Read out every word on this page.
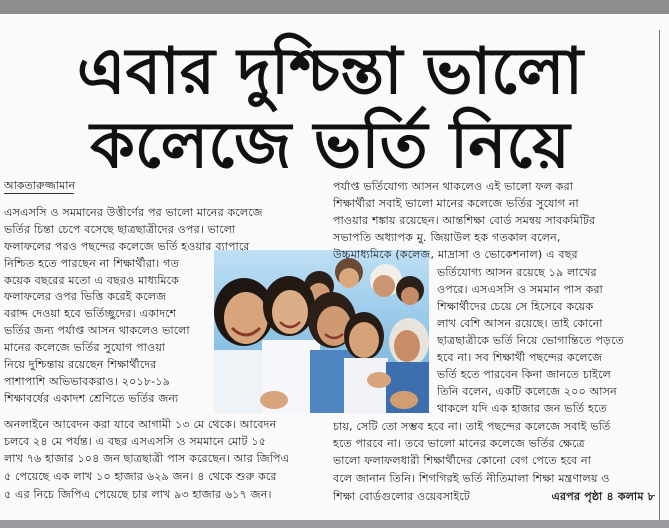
এবার দুশ্চিন্তা ভালো
কলেজে ভর্তি নিয়ে
আকতারুজ্জামান
এসএসসি ও সমমানের উত্তীর্ণের পর ভালো মানের কলেজে
ভর্তির চিন্তা চেপে বসেছে ছাত্রছাত্রীদের ওপর। ভালো
ফলাফলের পরও পছন্দের কলেজে ভর্তি হওয়ার ব্যাপারে
নিশ্চিত হতে পারছেন না শিক্ষার্থীরা। গত
কয়েক বছরের মতো এ বছরও মাধ্যমিকে
ফলাফলের ওপর ভিত্তি করেই কলেজ
বরাদ্দ দেওয়া হবে ভর্তিচ্ছুদের। একাদশে
ভর্তির জন্য পর্যাপ্ত আসন থাকলেও ভালো
মানের কলেজে ভর্তির সুযোগ পাওয়া
নিয়ে দুশ্চিন্তায় রয়েছেন শিক্ষার্থীদের
পাশাপাশি অভিভাবকরাও। ২০১৮-১৯
শিক্ষাবর্ষের একাদশ শ্রেণিতে ভর্তির জন্য
অনলাইনে আবেদন করা যাবে আগামী ১৩ মে থেকে। আবেদন
চলবে ২৪ মে পর্যন্ত। এ বছর এসএসসি ও সমমানে মোট ১৫
লাখ ৭৬ হাজার ১০৪ জন ছাত্রছাত্রী পাস করেছেন। আর জিপিএ
৫ পেয়েছে এক লাখ ১০ হাজার ৬২৯ জন। ৪ থেকে শুরু করে
৫ এর নিচে জিপিএ পেয়েছে চার লাখ ৯৩ হাজার ৬১৭ জন।
পর্যাপ্ত ভর্তিযোগ্য আসন থাকলেও এই ভালো ফল করা
শিক্ষার্থীরা সবাই ভালো মানের কলেজে ভর্তির সুযোগ না
পাওয়ার শঙ্কায় রয়েছেন। আন্তশিক্ষা বোর্ড সমন্বয় সাবকমিটির
সভাপতি অধ্যাপক মু. জিয়াউল হক গতকাল বলেন,
উচ্চমাধ্যমিকে (কলেজ, মাদ্রাসা ও ভোকেশনাল) এ বছর
ভর্তিযোগ্য আসন রয়েছে ১৯ লাখের
ওপরে। এসএসসি ও সমমান পাস করা
শিক্ষার্থীদের চেয়ে সে হিসেবে কয়েক
লাখ বেশি আসন রয়েছে। তাই কোনো
ছাত্রছাত্রীকে ভর্তি নিয়ে ভোগান্তিতে পড়তে
হবে না। সব শিক্ষার্থী পছন্দের কলেজে
ভর্তি হতে পারবেন কিনা জানতে চাইলে
তিনি বলেন, একটি কলেজে ২০০ আসন
থাকলে যদি এক হাজার জন ভর্তি হতে
চায়, সেটি তো সম্ভব হবে না। তাই পছন্দের কলেজে সবাই ভর্তি
হতে পারবে না। তবে ভালো মানের কলেজে ভর্তির ক্ষেত্রে
ভালো ফলাফলধারী শিক্ষার্থীদের কোনো বেগ পেতে হবে না
বলে জানান তিনি। শিগগিরই ভর্তি নীতিমালা শিক্ষা মন্ত্রণালয় ও
শিক্ষা বোর্ডগুলোর ওয়েবসাইটে	এরপর পৃষ্ঠা ৪ কলাম ৮
